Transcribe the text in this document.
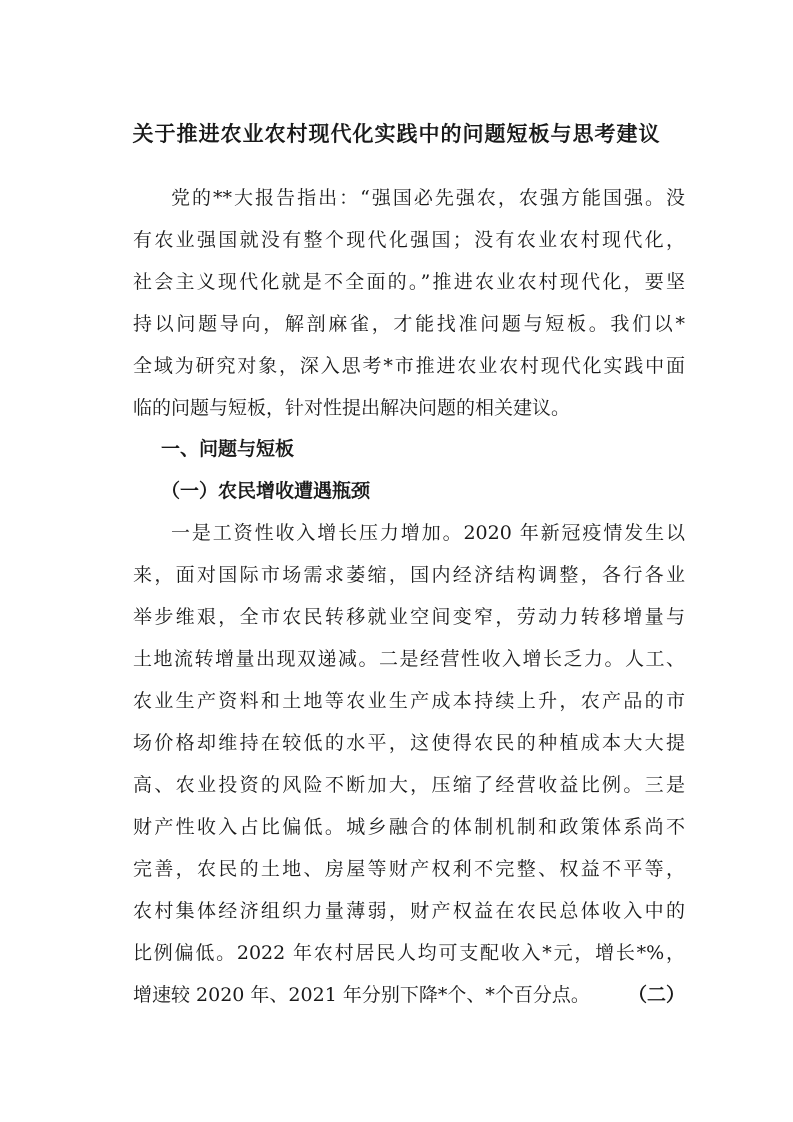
关于推进农业农村现代化实践中的问题短板与思考建议
党的**大报告指出：“强国必先强农，农强方能国强。没
有农业强国就没有整个现代化强国；没有农业农村现代化，
社会主义现代化就是不全面的。”推进农业农村现代化，要坚
持以问题导向，解剖麻雀，才能找准问题与短板。我们以*
全域为研究对象，深入思考*市推进农业农村现代化实践中面
临的问题与短板，针对性提出解决问题的相关建议。
一、问题与短板
（一）农民增收遭遇瓶颈
一是工资性收入增长压力增加。2020 年新冠疫情发生以
来，面对国际市场需求萎缩，国内经济结构调整，各行各业
举步维艰，全市农民转移就业空间变窄，劳动力转移增量与
土地流转增量出现双递减。二是经营性收入增长乏力。人工、
农业生产资料和土地等农业生产成本持续上升，农产品的市
场价格却维持在较低的水平，这使得农民的种植成本大大提
高、农业投资的风险不断加大，压缩了经营收益比例。三是
财产性收入占比偏低。城乡融合的体制机制和政策体系尚不
完善，农民的土地、房屋等财产权利不完整、权益不平等，
农村集体经济组织力量薄弱，财产权益在农民总体收入中的
比例偏低。2022 年农村居民人均可支配收入*元，增长*%，
增速较 2020 年、2021 年分别下降*个、*个百分点。 （二）
